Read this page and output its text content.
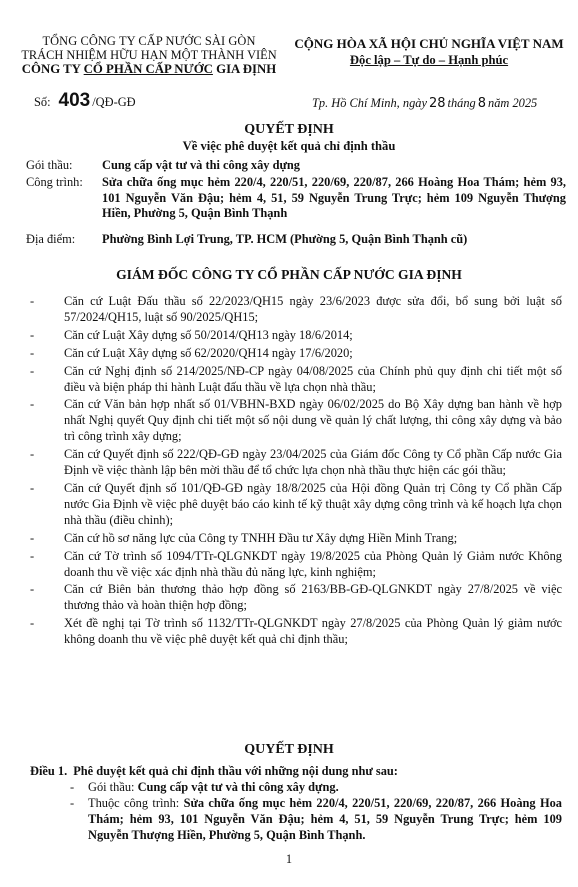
TỔNG CÔNG TY CẤP NƯỚC SÀI GÒN
TRÁCH NHIỆM HỮU HẠN MỘT THÀNH VIÊN
CÔNG TY CỔ PHẦN CẤP NƯỚC GIA ĐỊNH
CỘNG HÒA XÃ HỘI CHỦ NGHĨA VIỆT NAM
Độc lập – Tự do – Hạnh phúc
Số: 403 /QĐ-GĐ	Tp. Hồ Chí Minh, ngày 28 tháng 8 năm 2025
QUYẾT ĐỊNH
Về việc phê duyệt kết quả chỉ định thầu
Gói thầu: Cung cấp vật tư và thi công xây dựng
Công trình: Sửa chữa ống mục hẻm 220/4, 220/51, 220/69, 220/87, 266 Hoàng Hoa Thám; hẻm 93, 101 Nguyễn Văn Đậu; hẻm 4, 51, 59 Nguyễn Trung Trực; hẻm 109 Nguyễn Thượng Hiền, Phường 5, Quận Bình Thạnh
Địa điểm: Phường Bình Lợi Trung, TP. HCM (Phường 5, Quận Bình Thạnh cũ)
GIÁM ĐỐC CÔNG TY CỔ PHẦN CẤP NƯỚC GIA ĐỊNH
- Căn cứ Luật Đấu thầu số 22/2023/QH15 ngày 23/6/2023 được sửa đổi, bổ sung bởi luật số 57/2024/QH15, luật số 90/2025/QH15;
- Căn cứ Luật Xây dựng số 50/2014/QH13 ngày 18/6/2014;
- Căn cứ Luật Xây dựng số 62/2020/QH14 ngày 17/6/2020;
- Căn cứ Nghị định số 214/2025/NĐ-CP ngày 04/08/2025 của Chính phủ quy định chi tiết một số điều và biện pháp thi hành Luật đấu thầu về lựa chọn nhà thầu;
- Căn cứ Văn bản hợp nhất số 01/VBHN-BXD ngày 06/02/2025 do Bộ Xây dựng ban hành về hợp nhất Nghị quyết Quy định chi tiết một số nội dung về quản lý chất lượng, thi công xây dựng và bảo trì công trình xây dựng;
- Căn cứ Quyết định số 222/QĐ-GĐ ngày 23/04/2025 của Giám đốc Công ty Cổ phần Cấp nước Gia Định về việc thành lập bên mời thầu để tổ chức lựa chọn nhà thầu thực hiện các gói thầu;
- Căn cứ Quyết định số 101/QĐ-GĐ ngày 18/8/2025 của Hội đồng Quản trị Công ty Cổ phần Cấp nước Gia Định về việc phê duyệt báo cáo kinh tế kỹ thuật xây dựng công trình và kế hoạch lựa chọn nhà thầu (điều chỉnh);
- Căn cứ hồ sơ năng lực của Công ty TNHH Đầu tư Xây dựng Hiền Minh Trang;
- Căn cứ Tờ trình số 1094/TTr-QLGNKDT ngày 19/8/2025 của Phòng Quản lý Giảm nước Không doanh thu về việc xác định nhà thầu đủ năng lực, kinh nghiệm;
- Căn cứ Biên bản thương thảo hợp đồng số 2163/BB-GĐ-QLGNKDT ngày 27/8/2025 về việc thương thảo và hoàn thiện hợp đồng;
- Xét đề nghị tại Tờ trình số 1132/TTr-QLGNKDT ngày 27/8/2025 của Phòng Quản lý giảm nước không doanh thu về việc phê duyệt kết quả chỉ định thầu;
QUYẾT ĐỊNH
Điều 1. Phê duyệt kết quả chỉ định thầu với những nội dung như sau:
- Gói thầu: Cung cấp vật tư và thi công xây dựng.
- Thuộc công trình: Sửa chữa ống mục hẻm 220/4, 220/51, 220/69, 220/87, 266 Hoàng Hoa Thám; hẻm 93, 101 Nguyễn Văn Đậu; hẻm 4, 51, 59 Nguyễn Trung Trực; hẻm 109 Nguyễn Thượng Hiền, Phường 5, Quận Bình Thạnh.
1
